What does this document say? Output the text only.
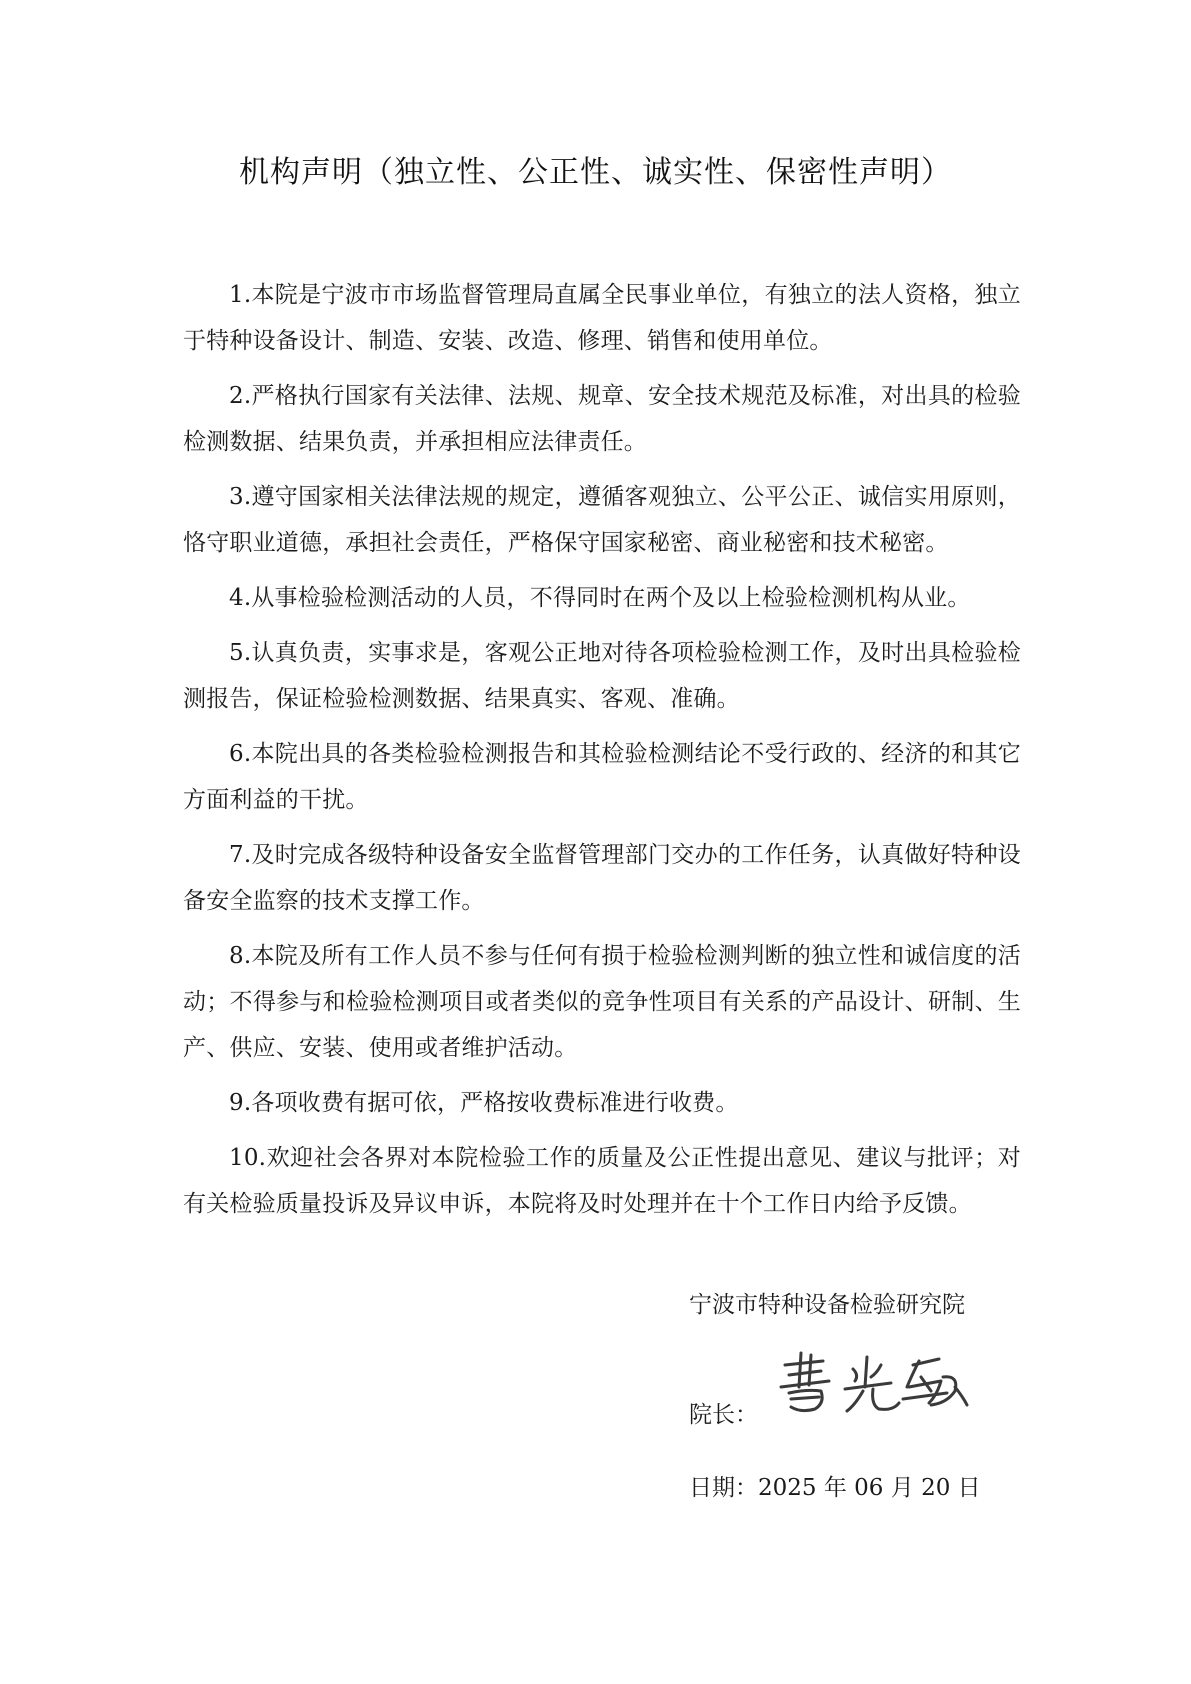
机构声明（独立性、公正性、诚实性、保密性声明）

1.本院是宁波市市场监督管理局直属全民事业单位，有独立的法人资格，独立于特种设备设计、制造、安装、改造、修理、销售和使用单位。

2.严格执行国家有关法律、法规、规章、安全技术规范及标准，对出具的检验检测数据、结果负责，并承担相应法律责任。

3.遵守国家相关法律法规的规定，遵循客观独立、公平公正、诚信实用原则，恪守职业道德，承担社会责任，严格保守国家秘密、商业秘密和技术秘密。

4.从事检验检测活动的人员，不得同时在两个及以上检验检测机构从业。

5.认真负责，实事求是，客观公正地对待各项检验检测工作，及时出具检验检测报告，保证检验检测数据、结果真实、客观、准确。

6.本院出具的各类检验检测报告和其检验检测结论不受行政的、经济的和其它方面利益的干扰。

7.及时完成各级特种设备安全监督管理部门交办的工作任务，认真做好特种设备安全监察的技术支撑工作。

8.本院及所有工作人员不参与任何有损于检验检测判断的独立性和诚信度的活动；不得参与和检验检测项目或者类似的竞争性项目有关系的产品设计、研制、生产、供应、安装、使用或者维护活动。

9.各项收费有据可依，严格按收费标准进行收费。

10.欢迎社会各界对本院检验工作的质量及公正性提出意见、建议与批评；对有关检验质量投诉及异议申诉，本院将及时处理并在十个工作日内给予反馈。

宁波市特种设备检验研究院
院长：
日期：2025 年 06 月 20 日
